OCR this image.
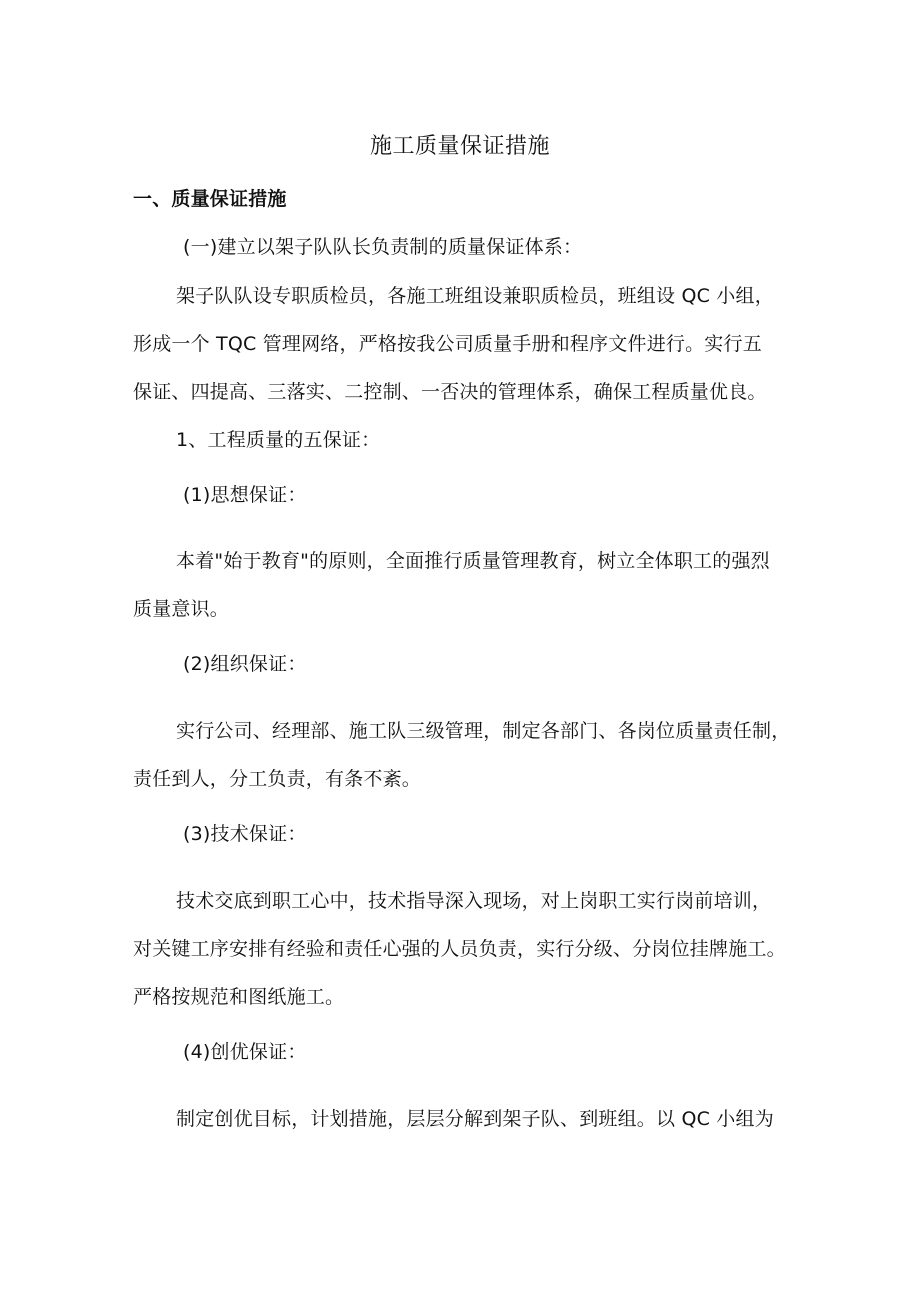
施工质量保证措施
一、质量保证措施
(一)建立以架子队队长负责制的质量保证体系：
架子队队设专职质检员，各施工班组设兼职质检员，班组设 QC 小组，
形成一个 TQC 管理网络，严格按我公司质量手册和程序文件进行。实行五
保证、四提高、三落实、二控制、一否决的管理体系，确保工程质量优良。
1、工程质量的五保证：
(1)思想保证：
本着"始于教育"的原则，全面推行质量管理教育，树立全体职工的强烈
质量意识。
(2)组织保证：
实行公司、经理部、施工队三级管理，制定各部门、各岗位质量责任制，
责任到人，分工负责，有条不紊。
(3)技术保证：
技术交底到职工心中，技术指导深入现场，对上岗职工实行岗前培训，
对关键工序安排有经验和责任心强的人员负责，实行分级、分岗位挂牌施工。
严格按规范和图纸施工。
(4)创优保证：
制定创优目标，计划措施，层层分解到架子队、到班组。以 QC 小组为
